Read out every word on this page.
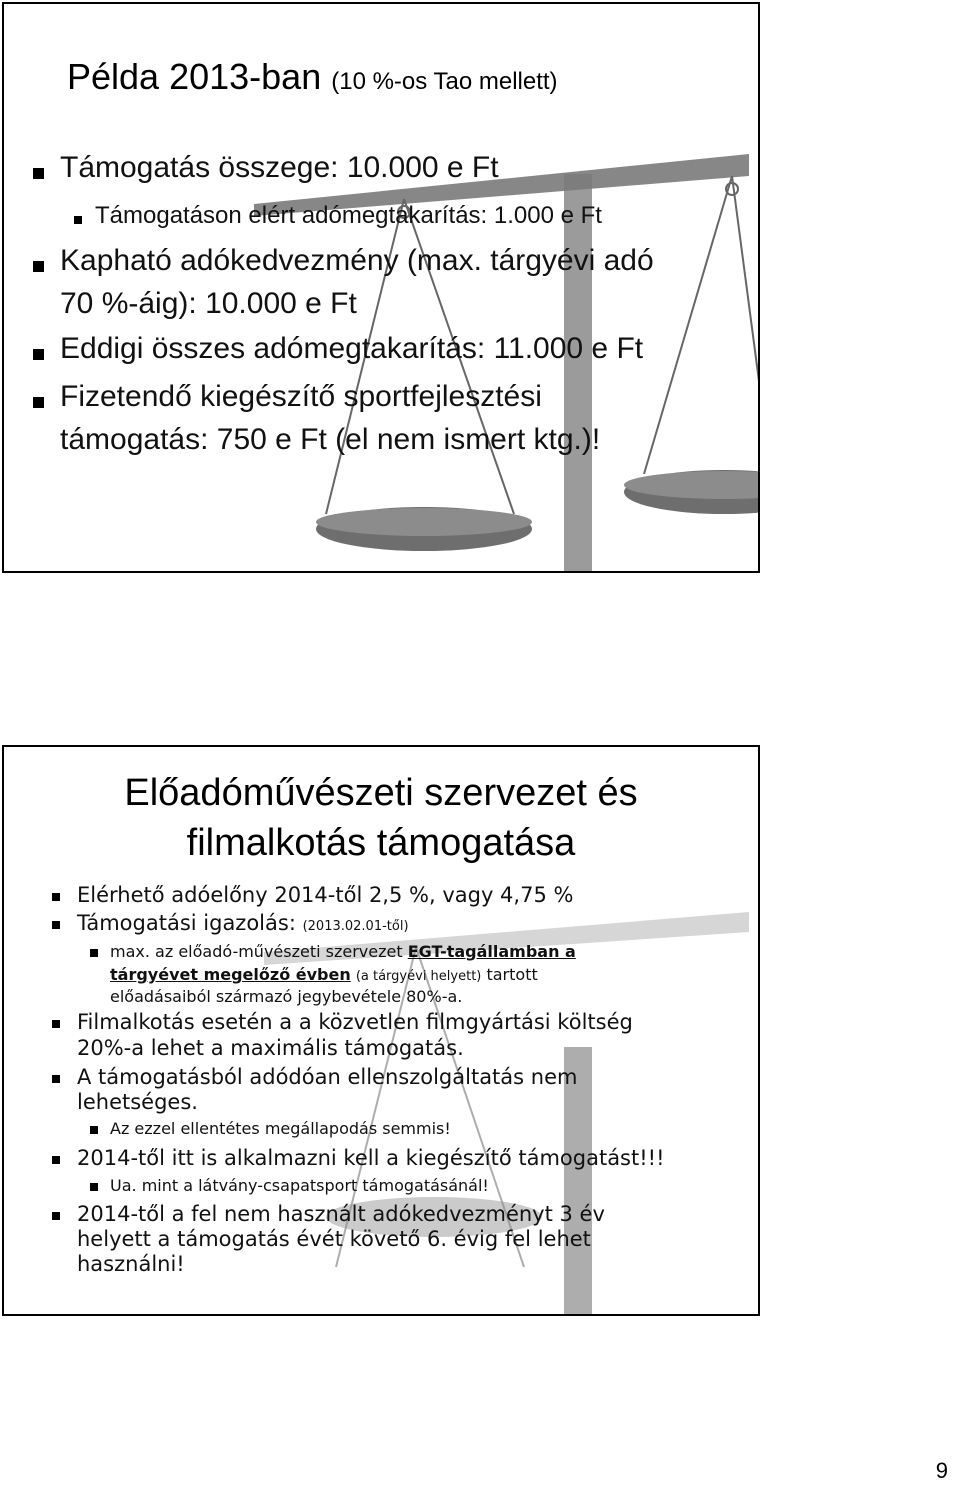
Példa 2013-ban (10 %-os Tao mellett)
Támogatás összege: 10.000 e Ft
Támogatáson elért adómegtakarítás: 1.000 e Ft
Kapható adókedvezmény (max. tárgyévi adó
70 %-áig): 10.000 e Ft
Eddigi összes adómegtakarítás: 11.000 e Ft
Fizetendő kiegészítő sportfejlesztési
támogatás: 750 e Ft (el nem ismert ktg.)!
Előadóművészeti szervezet és
filmalkotás támogatása
Elérhető adóelőny 2014-től 2,5 %, vagy 4,75 %
Támogatási igazolás: (2013.02.01-től)
max. az előadó-művészeti szervezet EGT-tagállamban a
tárgyévet megelőző évben (a tárgyévi helyett) tartott
előadásaiból származó jegybevétele 80%-a.
Filmalkotás esetén a a közvetlen filmgyártási költség
20%-a lehet a maximális támogatás.
A támogatásból adódóan ellenszolgáltatás nem
lehetséges.
Az ezzel ellentétes megállapodás semmis!
2014-től itt is alkalmazni kell a kiegészítő támogatást!!!
Ua. mint a látvány-csapatsport támogatásánál!
2014-től a fel nem használt adókedvezményt 3 év
helyett a támogatás évét követő 6. évig fel lehet
használni!
9
